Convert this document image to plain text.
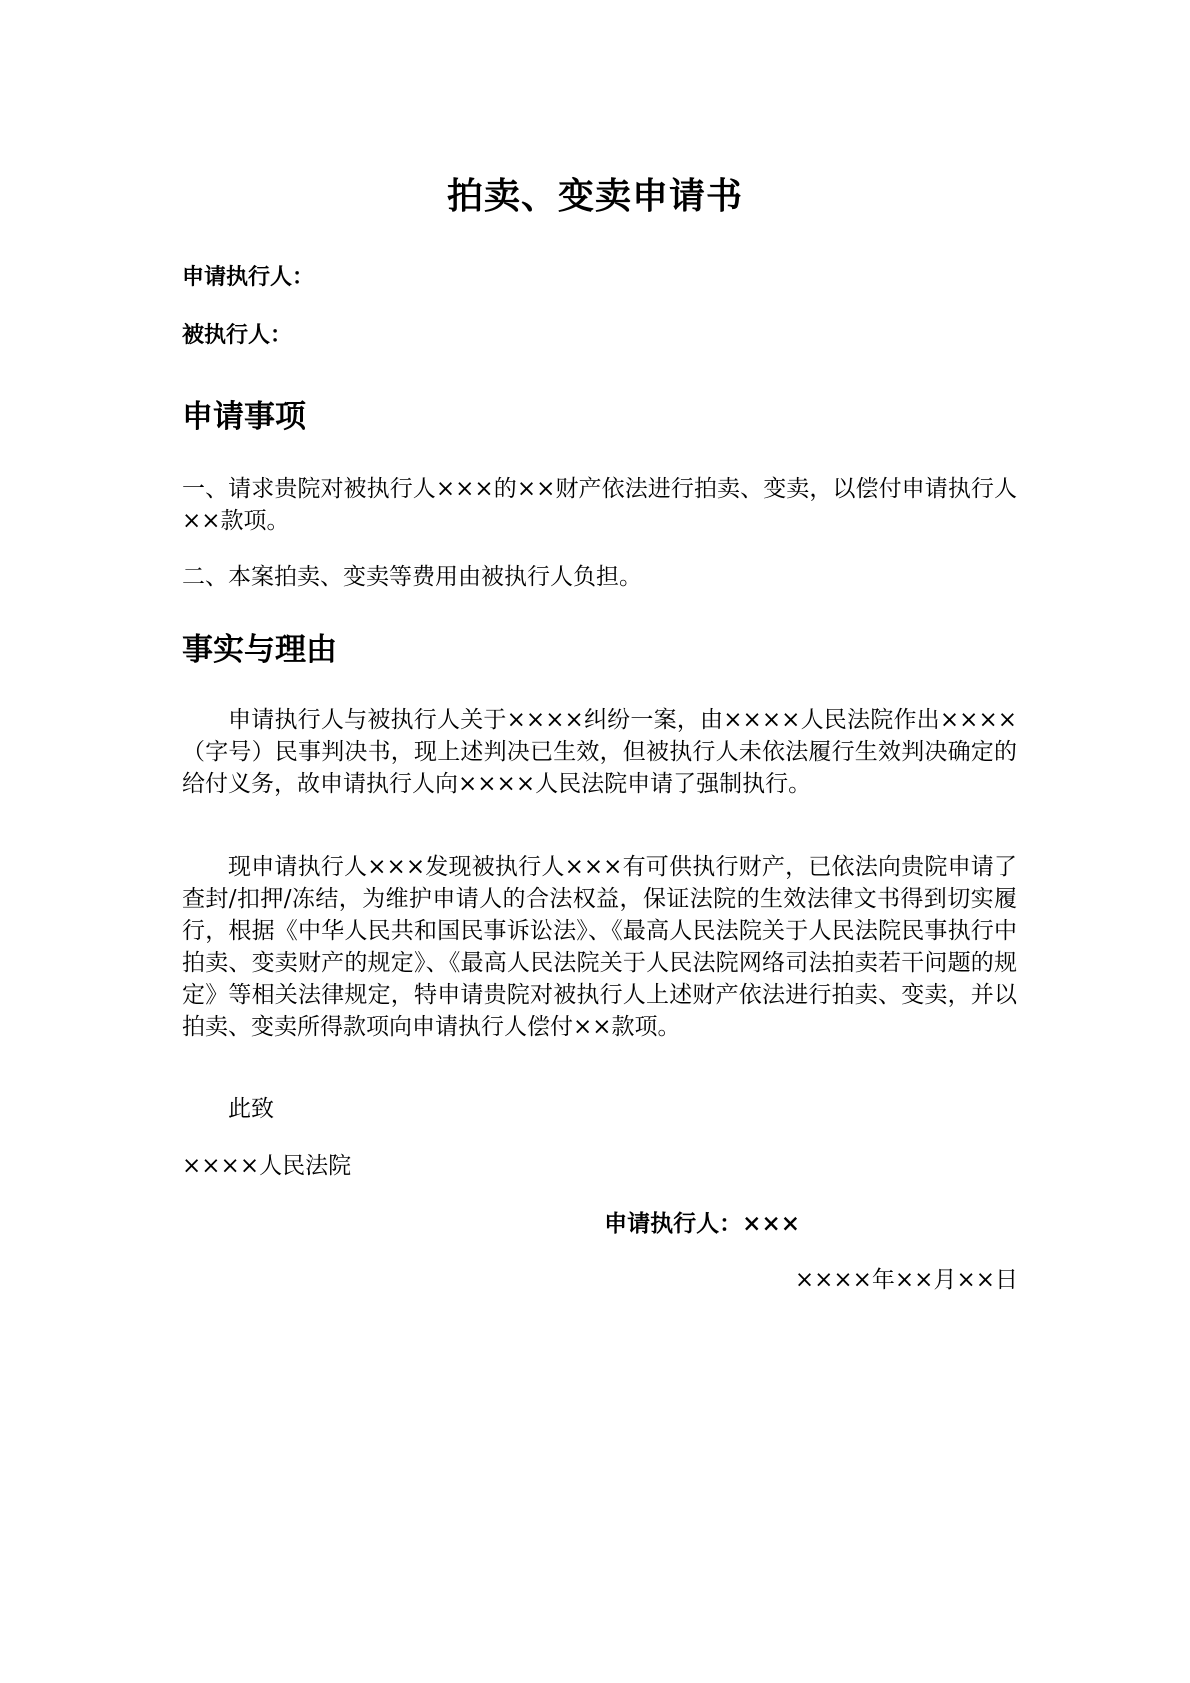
拍卖、变卖申请书

申请执行人：

被执行人：

申请事项

一、请求贵院对被执行人×××的××财产依法进行拍卖、变卖，以偿付申请执行人××款项。

二、本案拍卖、变卖等费用由被执行人负担。

事实与理由

申请执行人与被执行人关于××××纠纷一案，由××××人民法院作出××××（字号）民事判决书，现上述判决已生效，但被执行人未依法履行生效判决确定的给付义务，故申请执行人向××××人民法院申请了强制执行。

现申请执行人×××发现被执行人×××有可供执行财产，已依法向贵院申请了查封/扣押/冻结，为维护申请人的合法权益，保证法院的生效法律文书得到切实履行，根据《中华人民共和国民事诉讼法》、《最高人民法院关于人民法院民事执行中拍卖、变卖财产的规定》、《最高人民法院关于人民法院网络司法拍卖若干问题的规定》等相关法律规定，特申请贵院对被执行人上述财产依法进行拍卖、变卖，并以拍卖、变卖所得款项向申请执行人偿付××款项。

此致

××××人民法院

申请执行人：×××

××××年××月××日
